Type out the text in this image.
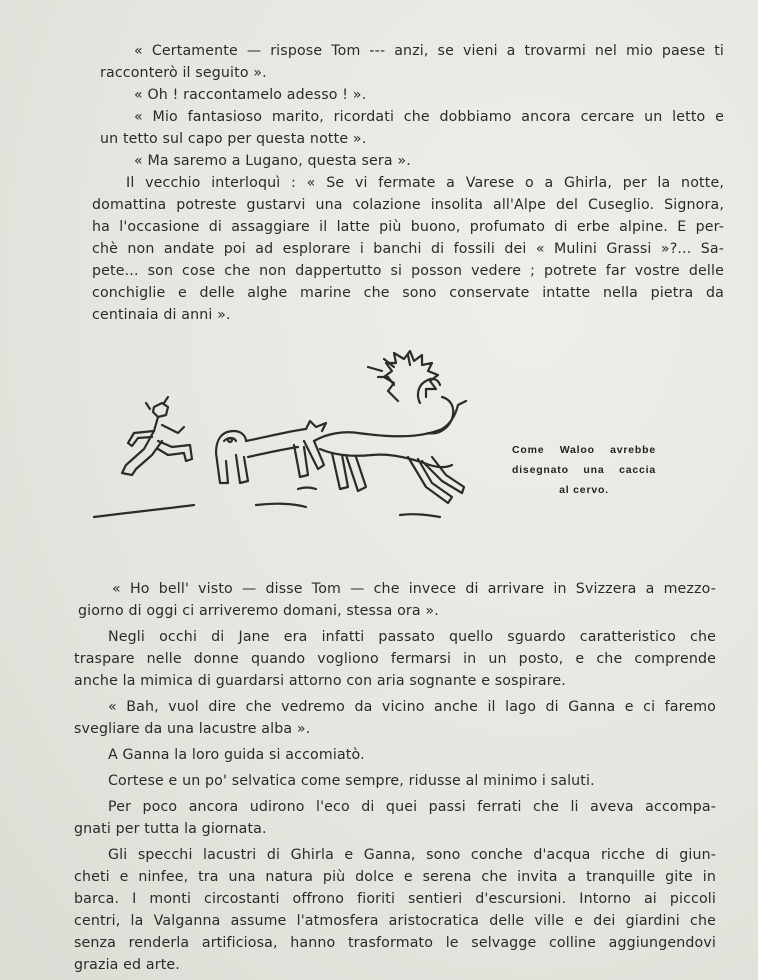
« Certamente — rispose Tom --- anzi, se vieni a trovarmi nel mio paese ti
racconterò il seguito ».

« Oh ! raccontamelo adesso ! ».

« Mio fantasioso marito, ricordati che dobbiamo ancora cercare un letto e
un tetto sul capo per questa notte ».

« Ma saremo a Lugano, questa sera ».

Il vecchio interloquì : « Se vi fermate a Varese o a Ghirla, per la notte,
domattina potreste gustarvi una colazione insolita all'Alpe del Cuseglio. Signora,
ha l'occasione di assaggiare il latte più buono, profumato di erbe alpine. E per-
chè non andate poi ad esplorare i banchi di fossili dei « Mulini Grassi »?... Sa-
pete... son cose che non dappertutto si posson vedere ; potrete far vostre delle
conchiglie e delle alghe marine che sono conservate intatte nella pietra da
centinaia di anni ».

Come Waloo avrebbe
disegnato una caccia
al cervo.

« Ho bell' visto — disse Tom — che invece di arrivare in Svizzera a mezzo-
giorno di oggi ci arriveremo domani, stessa ora ».

Negli occhi di Jane era infatti passato quello sguardo caratteristico che
traspare nelle donne quando vogliono fermarsi in un posto, e che comprende
anche la mimica di guardarsi attorno con aria sognante e sospirare.

« Bah, vuol dire che vedremo da vicino anche il lago di Ganna e ci faremo
svegliare da una lacustre alba ».

A Ganna la loro guida si accomiatò.

Cortese e un po' selvatica come sempre, ridusse al minimo i saluti.

Per poco ancora udirono l'eco di quei passi ferrati che li aveva accompa-
gnati per tutta la giornata.

Gli specchi lacustri di Ghirla e Ganna, sono conche d'acqua ricche di giun-
cheti e ninfee, tra una natura più dolce e serena che invita a tranquille gite in
barca. I monti circostanti offrono fioriti sentieri d'escursioni. Intorno ai piccoli
centri, la Valganna assume l'atmosfera aristocratica delle ville e dei giardini che
senza renderla artificiosa, hanno trasformato le selvagge colline aggiungendovi
grazia ed arte.
